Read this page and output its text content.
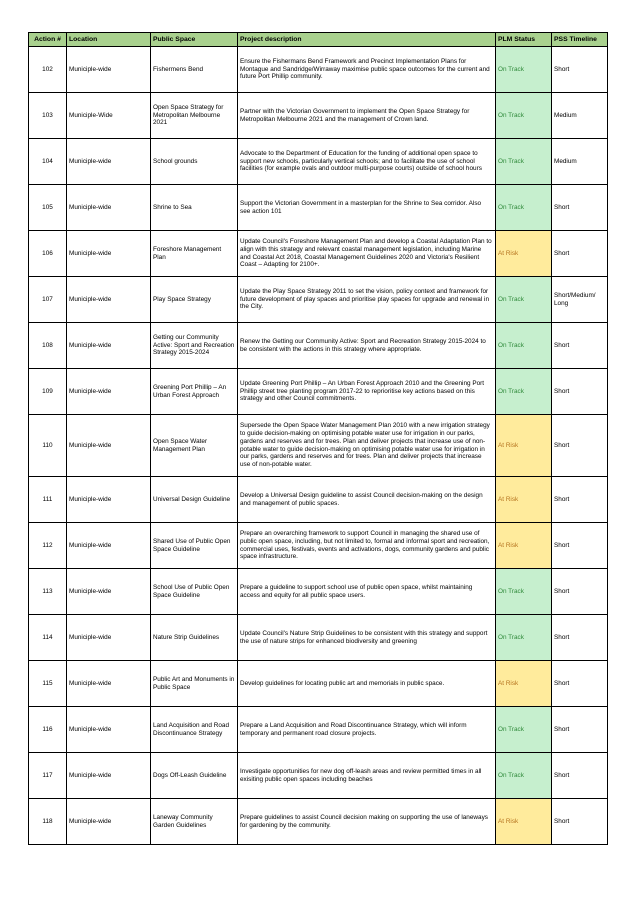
Action #	Location	Public Space	Project description	PLM Status	PSS Timeline
102	Municiple-wide	Fishermens Bend	Ensure the Fishermans Bend Framework and Precinct Implementation Plans for Montague and Sandridge/Wirraway maximise public space outcomes for the current and future Port Phillip community.	On Track	Short
103	Municiple-Wide	Open Space Strategy for Metropolitan Melbourne 2021	Partner with the Victorian Government to implement the Open Space Strategy for Metropolitan Melbourne 2021 and the management of Crown land.	On Track	Medium
104	Municiple-wide	School grounds	Advocate to the Department of Education for the funding of additional open space to support new schools, particularly vertical schools; and to facilitate the use of school facilities (for example ovals and outdoor multi-purpose courts) outside of school hours	On Track	Medium
105	Municiple-wide	Shrine to Sea	Support the Victorian Government in a masterplan for the Shrine to Sea corridor. Also see action 101	On Track	Short
106	Municiple-wide	Foreshore Management Plan	Update Council's Foreshore Management Plan and develop a Coastal Adaptation Plan to align with this strategy and relevant coastal management legislation, including Marine and Coastal Act 2018, Coastal Management Guidelines 2020 and Victoria's Resilient Coast – Adapting for 2100+.	At Risk	Short
107	Municiple-wide	Play Space Strategy	Update the Play Space Strategy 2011 to set the vision, policy context and framework for future development of play spaces and prioritise play spaces for upgrade and renewal in the City.	On Track	Short/Medium/ Long
108	Municiple-wide	Getting our Community Active: Sport and Recreation Strategy 2015-2024	Renew the Getting our Community Active: Sport and Recreation Strategy 2015-2024 to be consistent with the actions in this strategy where appropriate.	On Track	Short
109	Municiple-wide	Greening Port Phillip – An Urban Forest Approach	Update Greening Port Phillip – An Urban Forest Approach 2010 and the Greening Port Phillip street tree planting program 2017-22 to reprioritise key actions based on this strategy and other Council commitments.	On Track	Short
110	Municiple-wide	Open Space Water Management Plan	Supersede the Open Space Water Management Plan 2010 with a new irrigation strategy to guide decision-making on optimising potable water use for irrigation in our parks, gardens and reserves and for trees. Plan and deliver projects that increase use of non-potable water to guide decision-making on optimising potable water use for irrigation in our parks, gardens and reserves and for trees. Plan and deliver projects that increase use of non-potable water.	At Risk	Short
111	Municiple-wide	Universal Design Guideline	Develop a Universal Design guideline to assist Council decision-making on the design and management of public spaces.	At Risk	Short
112	Municiple-wide	Shared Use of Public Open Space Guideline	Prepare an overarching framework to support Council in managing the shared use of public open space, including, but not limited to, formal and informal sport and recreation, commercial uses, festivals, events and activations, dogs, community gardens and public space infrastructure.	At Risk	Short
113	Municiple-wide	School Use of Public Open Space Guideline	Prepare a guideline to support school use of public open space, whilst maintaining access and equity for all public space users.	On Track	Short
114	Municiple-wide	Nature Strip Guidelines	Update Council's Nature Strip Guidelines to be consistent with this strategy and support the use of nature strips for enhanced biodiversity and greening	On Track	Short
115	Municiple-wide	Public Art and Monuments in Public Space	Develop guidelines for locating public art and memorials in public space.	At Risk	Short
116	Municiple-wide	Land Acquisition and Road Discontinuance Strategy	Prepare a Land Acquisition and Road Discontinuance Strategy, which will inform temporary and permanent road closure projects.	On Track	Short
117	Municiple-wide	Dogs Off-Leash Guideline	Investigate opportunities for new dog off-leash areas and review permitted times in all exisiting public open spaces including beaches	On Track	Short
118	Municiple-wide	Laneway Community Garden Guidelines	Prepare guidelines to assist Council decision making on supporting the use of laneways for gardening by the community.	At Risk	Short
